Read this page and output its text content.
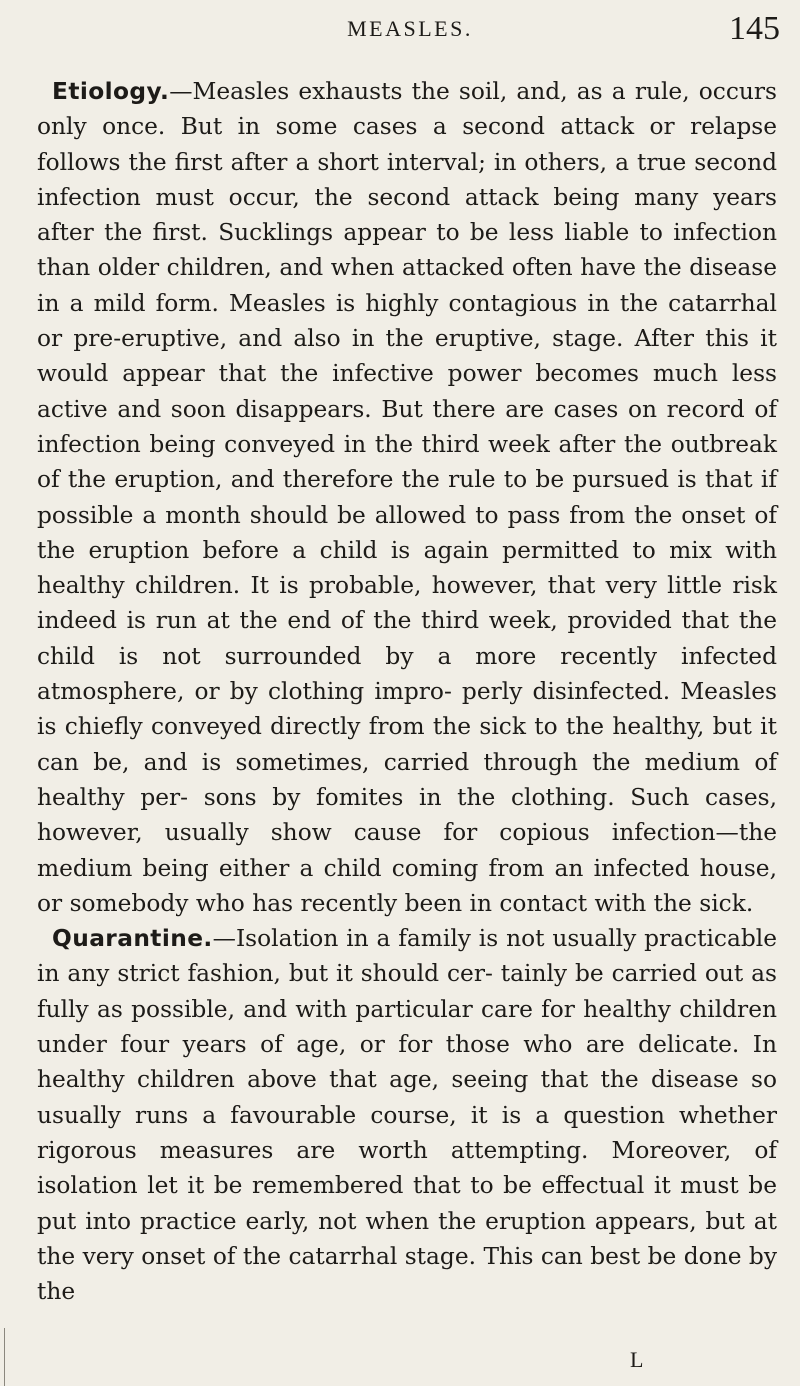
MEASLES.	145

Etiology.—Measles exhausts the soil, and, as a rule, occurs only once. But in some cases a second attack or relapse follows the first after a short interval; in others, a true second infection must occur, the second attack being many years after the first. Sucklings appear to be less liable to infection than older children, and when attacked often have the disease in a mild form. Measles is highly contagious in the catarrhal or pre-eruptive, and also in the eruptive, stage. After this it would appear that the infective power becomes much less active and soon disappears. But there are cases on record of infection being conveyed in the third week after the outbreak of the eruption, and therefore the rule to be pursued is that if possible a month should be allowed to pass from the onset of the eruption before a child is again permitted to mix with healthy children. It is probable, however, that very little risk indeed is run at the end of the third week, provided that the child is not surrounded by a more recently infected atmosphere, or by clothing impro- perly disinfected. Measles is chiefly conveyed directly from the sick to the healthy, but it can be, and is sometimes, carried through the medium of healthy per- sons by fomites in the clothing. Such cases, however, usually show cause for copious infection—the medium being either a child coming from an infected house, or somebody who has recently been in contact with the sick.

Quarantine.—Isolation in a family is not usually practicable in any strict fashion, but it should cer- tainly be carried out as fully as possible, and with particular care for healthy children under four years of age, or for those who are delicate. In healthy children above that age, seeing that the disease so usually runs a favourable course, it is a question whether rigorous measures are worth attempting. Moreover, of isolation let it be remembered that to be effectual it must be put into practice early, not when the eruption appears, but at the very onset of the catarrhal stage. This can best be done by the

L
